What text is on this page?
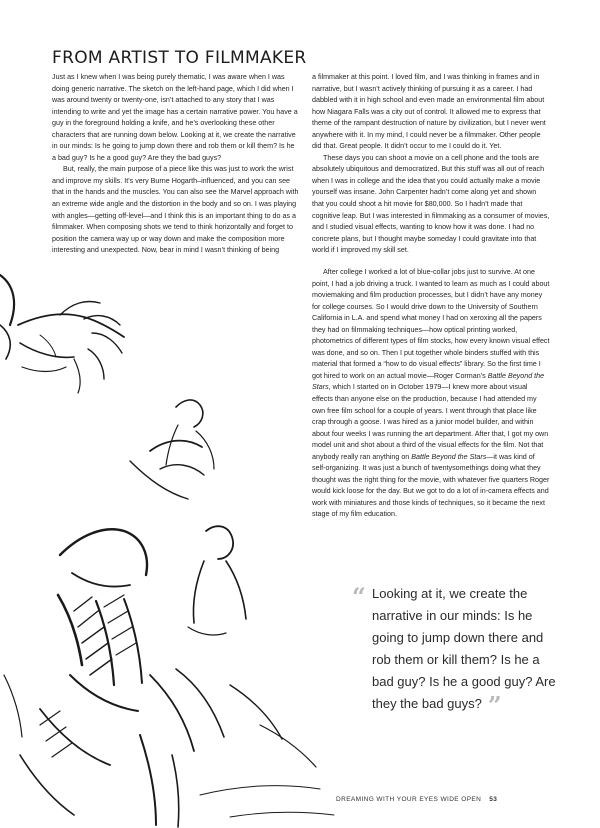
FROM ARTIST TO FILMMAKER

Just as I knew when I was being purely thematic, I was aware when I was doing generic narrative. The sketch on the left-hand page, which I did when I was around twenty or twenty-one, isn’t attached to any story that I was intending to write and yet the image has a certain narrative power. You have a guy in the foreground holding a knife, and he’s overlooking these other characters that are running down below. Looking at it, we create the narrative in our minds: Is he going to jump down there and rob them or kill them? Is he a bad guy? Is he a good guy? Are they the bad guys?

But, really, the main purpose of a piece like this was just to work the wrist and improve my skills. It’s very Burne Hogarth–influenced, and you can see that in the hands and the muscles. You can also see the Marvel approach with an extreme wide angle and the distortion in the body and so on. I was playing with angles—getting off-level—and I think this is an important thing to do as a filmmaker. When composing shots we tend to think horizontally and forget to position the camera way up or way down and make the composition more interesting and unexpected. Now, bear in mind I wasn’t thinking of being

a filmmaker at this point. I loved film, and I was thinking in frames and in narrative, but I wasn’t actively thinking of pursuing it as a career. I had dabbled with it in high school and even made an environmental film about how Niagara Falls was a city out of control. It allowed me to express that theme of the rampant destruction of nature by civilization, but I never went anywhere with it. In my mind, I could never be a filmmaker. Other people did that. Great people. It didn’t occur to me I could do it. Yet.

These days you can shoot a movie on a cell phone and the tools are absolutely ubiquitous and democratized. But this stuff was all out of reach when I was in college and the idea that you could actually make a movie yourself was insane. John Carpenter hadn’t come along yet and shown that you could shoot a hit movie for $80,000. So I hadn’t made that cognitive leap. But I was interested in filmmaking as a consumer of movies, and I studied visual effects, wanting to know how it was done. I had no concrete plans, but I thought maybe someday I could gravitate into that world if I improved my skill set.

After college I worked a lot of blue-collar jobs just to survive. At one point, I had a job driving a truck. I wanted to learn as much as I could about moviemaking and film production processes, but I didn’t have any money for college courses. So I would drive down to the University of Southern California in L.A. and spend what money I had on xeroxing all the papers they had on filmmaking techniques—how optical printing worked, photometrics of different types of film stocks, how every known visual effect was done, and so on. Then I put together whole binders stuffed with this material that formed a “how to do visual effects” library. So the first time I got hired to work on an actual movie—Roger Corman’s Battle Beyond the Stars, which I started on in October 1979—I knew more about visual effects than anyone else on the production, because I had attended my own free film school for a couple of years. I went through that place like crap through a goose. I was hired as a junior model builder, and within about four weeks I was running the art department. After that, I got my own model unit and shot about a third of the visual effects for the film. Not that anybody really ran anything on Battle Beyond the Stars—it was kind of self-organizing. It was just a bunch of twentysomethings doing what they thought was the right thing for the movie, with whatever five quarters Roger would kick loose for the day. But we got to do a lot of in-camera effects and work with miniatures and those kinds of techniques, so it became the next stage of my film education.

“ Looking at it, we create the narrative in our minds: Is he going to jump down there and rob them or kill them? Is he a bad guy? Is he a good guy? Are they the bad guys? ”
DREAMING WITH YOUR EYES WIDE OPEN 53
